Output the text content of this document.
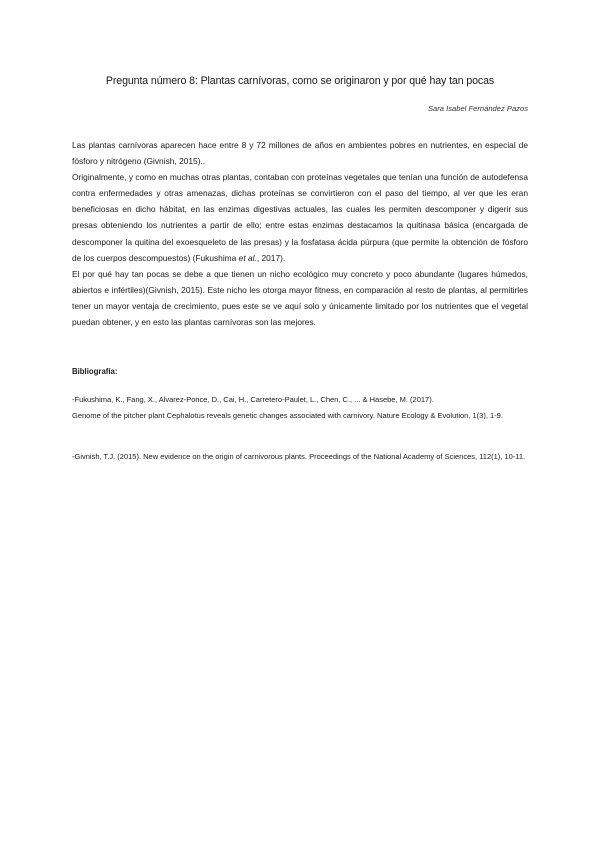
Pregunta número 8: Plantas carnívoras, como se originaron y por qué hay tan pocas
Sara Isabel Fernández Pazos

Las plantas carnívoras aparecen hace entre 8 y 72 millones de años en ambientes pobres en nutrientes, en especial de fósforo y nitrógeno (Givnish, 2015)..

Originalmente, y como en muchas otras plantas, contaban con proteínas vegetales que tenían una función de autodefensa contra enfermedades y otras amenazas, dichas proteínas se convirtieron con el paso del tiempo, al ver que les eran beneficiosas en dicho hábitat, en las enzimas digestivas actuales, las cuales les permiten descomponer y digerir sus presas obteniendo los nutrientes a partir de ello; entre estas enzimas destacamos la quitinasa básica (encargada de descomponer la quitina del exoesqueleto de las presas) y la fosfatasa ácida púrpura (que permite la obtención de fósforo de los cuerpos descompuestos) (Fukushima et al., 2017).

El por qué hay tan pocas se debe a que tienen un nicho ecológico muy concreto y poco abundante (lugares húmedos, abiertos e infértiles)(Givnish, 2015). Este nicho les otorga mayor fitness, en comparación al resto de plantas, al permitirles tener un mayor ventaja de crecimiento, pues este se ve aquí solo y únicamente limitado por los nutrientes que el vegetal puedan obtener, y en esto las plantas carnívoras son las mejores.

Bibliografía:

-Fukushima, K., Fang, X., Alvarez-Ponce, D., Cai, H., Carretero-Paulet, L., Chen, C., ... & Hasebe, M. (2017).

Genome of the pitcher plant Cephalotus reveals genetic changes associated with carnivory. Nature Ecology & Evolution, 1(3), 1-9.

-Givnish, T.J. (2015). New evidence on the origin of carnivorous plants. Proceedings of the National Academy of Sciences, 112(1), 10-11.
